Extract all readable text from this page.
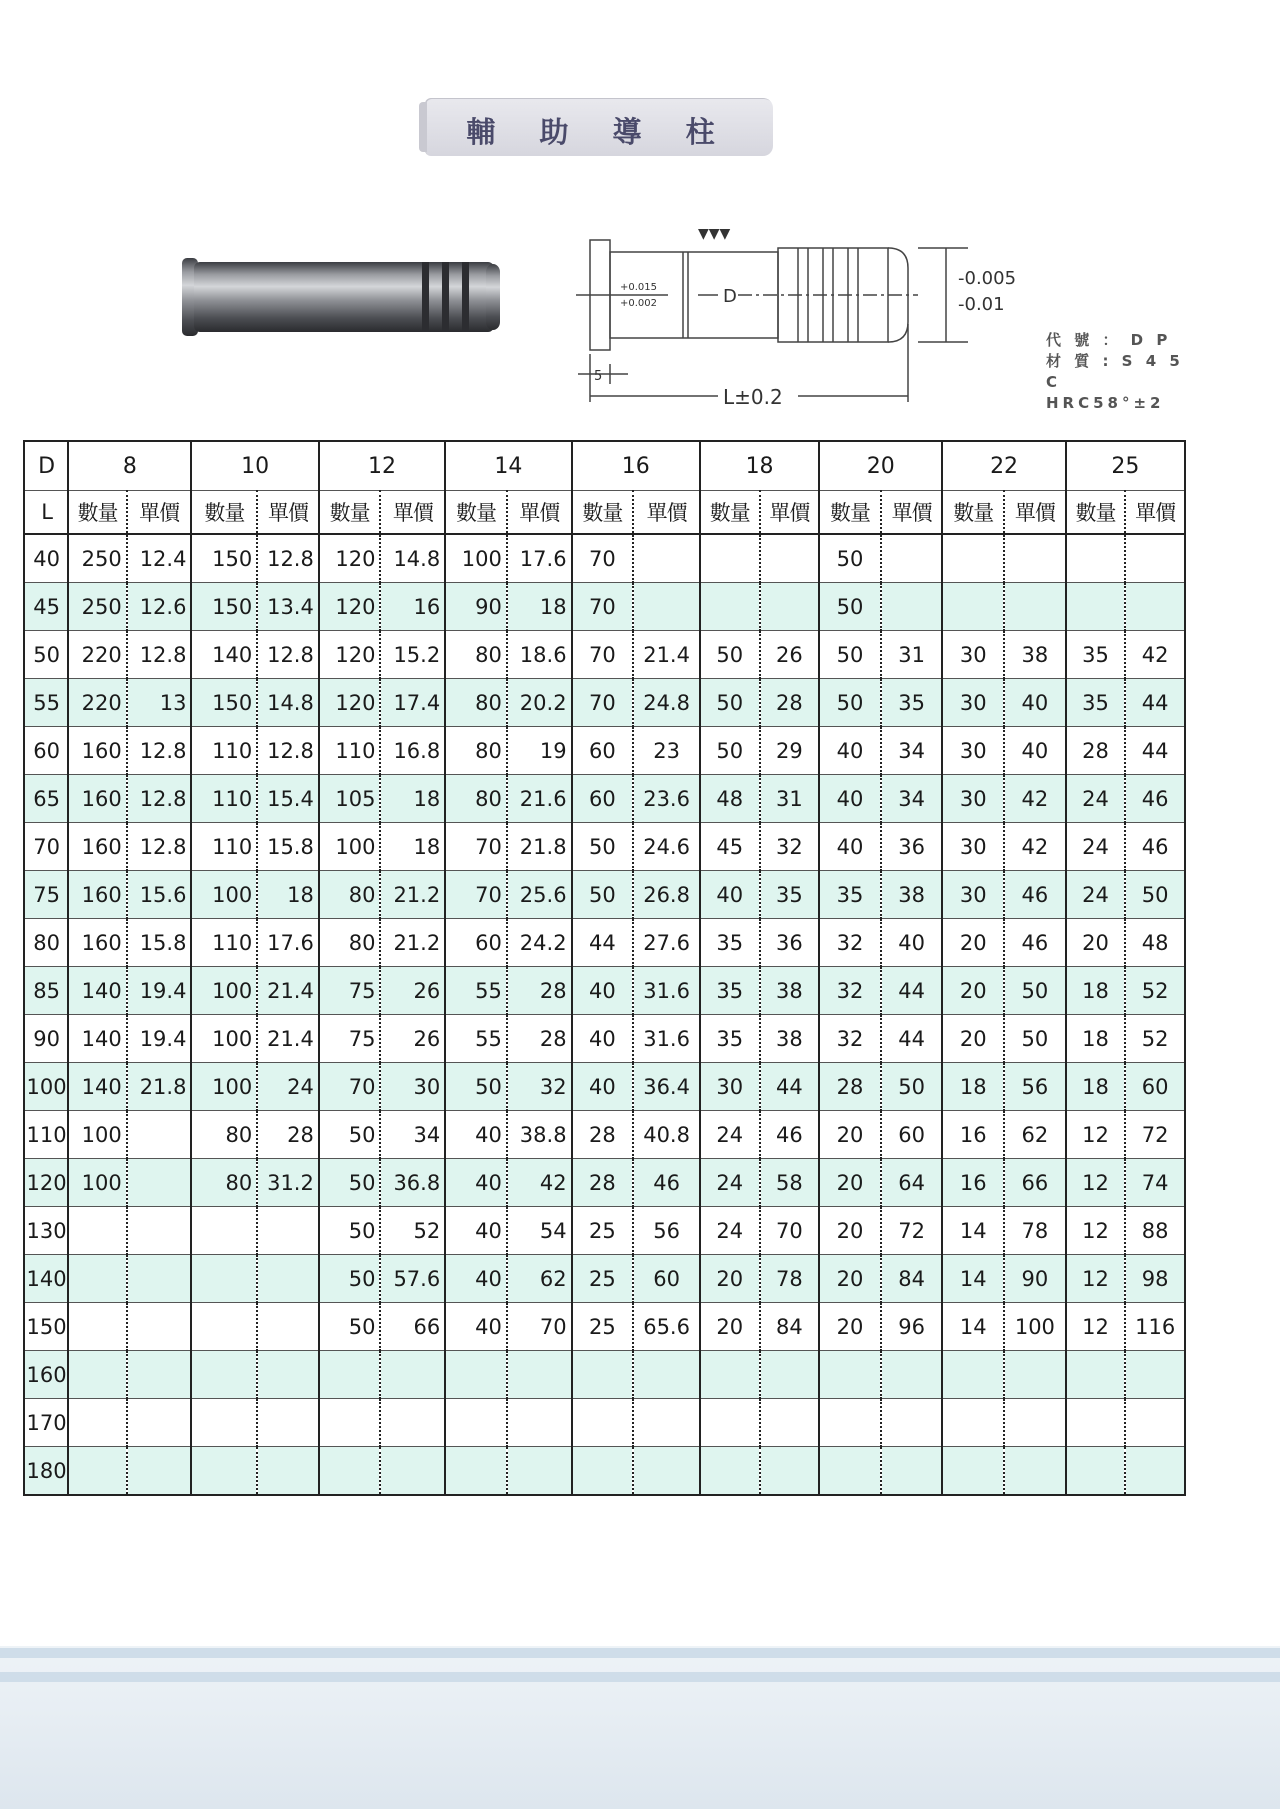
輔 助 導 柱
▼▼▼
+0.015
+0.002	D
-0.005
-0.01
5
L±0.2
代 號 ： D P
材 質 : S 4 5 C
HRC58°±2
D	8		10		12		14		16		18		20		22		25	
L	數量	單價	數量	單價	數量	單價	數量	單價	數量	單價	數量	單價	數量	單價	數量	單價	數量	單價
40	250	12.4	150	12.8	120	14.8	100	17.6	70				50					
45	250	12.6	150	13.4	120	16	90	18	70				50					
50	220	12.8	140	12.8	120	15.2	80	18.6	70	21.4	50	26	50	31	30	38	35	42
55	220	13	150	14.8	120	17.4	80	20.2	70	24.8	50	28	50	35	30	40	35	44
60	160	12.8	110	12.8	110	16.8	80	19	60	23	50	29	40	34	30	40	28	44
65	160	12.8	110	15.4	105	18	80	21.6	60	23.6	48	31	40	34	30	42	24	46
70	160	12.8	110	15.8	100	18	70	21.8	50	24.6	45	32	40	36	30	42	24	46
75	160	15.6	100	18	80	21.2	70	25.6	50	26.8	40	35	35	38	30	46	24	50
80	160	15.8	110	17.6	80	21.2	60	24.2	44	27.6	35	36	32	40	20	46	20	48
85	140	19.4	100	21.4	75	26	55	28	40	31.6	35	38	32	44	20	50	18	52
90	140	19.4	100	21.4	75	26	55	28	40	31.6	35	38	32	44	20	50	18	52
100	140	21.8	100	24	70	30	50	32	40	36.4	30	44	28	50	18	56	18	60
110	100		80	28	50	34	40	38.8	28	40.8	24	46	20	60	16	62	12	72
120	100		80	31.2	50	36.8	40	42	28	46	24	58	20	64	16	66	12	74
130					50	52	40	54	25	56	24	70	20	72	14	78	12	88
140					50	57.6	40	62	25	60	20	78	20	84	14	90	12	98
150					50	66	40	70	25	65.6	20	84	20	96	14	100	12	116
160																		
170																		
180																		
